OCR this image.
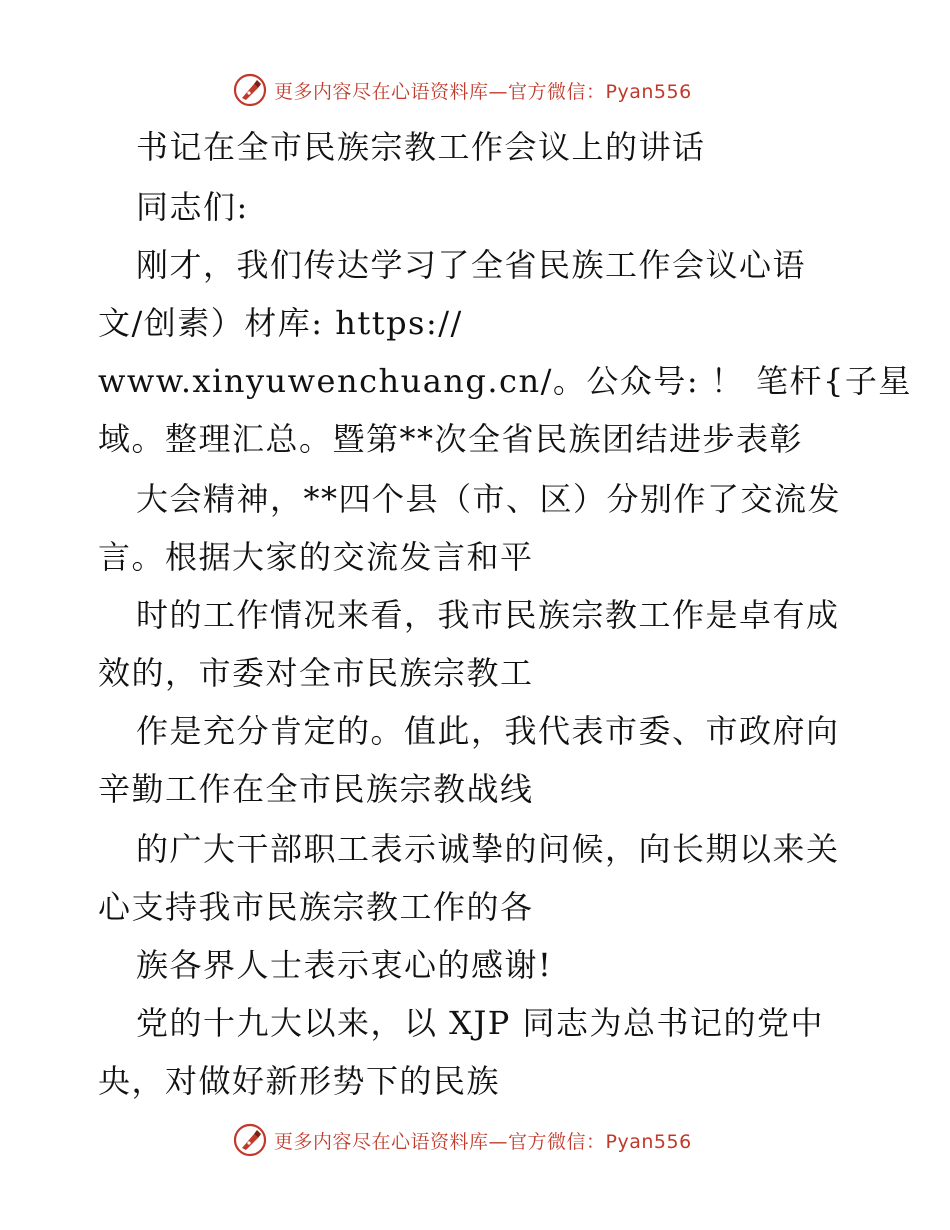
更多内容尽在心语资料库—官方微信：Pyan556
书记在全市民族宗教工作会议上的讲话
同志们:
刚才，我们传达学习了全省民族工作会议心语
文/创素）材库: https://
www.xinyuwenchuang.cn/。公众号: ！ 笔杆{子星
域。整理汇总。暨第**次全省民族团结进步表彰
大会精神，**四个县（市、区）分别作了交流发
言。根据大家的交流发言和平
时的工作情况来看，我市民族宗教工作是卓有成
效的，市委对全市民族宗教工
作是充分肯定的。值此，我代表市委、市政府向
辛勤工作在全市民族宗教战线
的广大干部职工表示诚挚的问候，向长期以来关
心支持我市民族宗教工作的各
族各界人士表示衷心的感谢!
党的十九大以来，以 XJP 同志为总书记的党中
央，对做好新形势下的民族
更多内容尽在心语资料库—官方微信：Pyan556
